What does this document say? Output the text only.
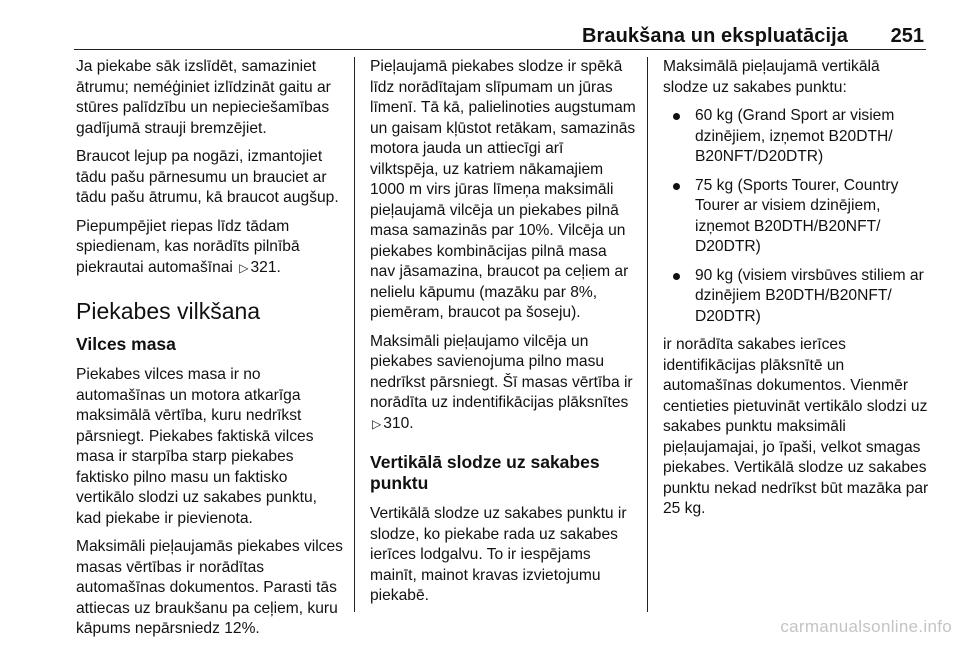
Braukšana un ekspluatācija 251

Ja piekabe sāk izslīdēt, samaziniet ātrumu; neméģiniet izlīdzināt gaitu ar stūres palīdzību un nepieciešamības gadījumā strauji bremzējiet.

Braucot lejup pa nogāzi, izmantojiet tādu pašu pārnesumu un brauciet ar tādu pašu ātrumu, kā braucot augšup.

Piepumpējiet riepas līdz tādam spiedienam, kas norādīts pilnībā piekrautai automašīnai ▷ 321.

Piekabes vilkšana
Vilces masa

Piekabes vilces masa ir no automašīnas un motora atkarīga maksimālā vērtība, kuru nedrīkst pārsniegt. Piekabes faktiskā vilces masa ir starpība starp piekabes faktisko pilno masu un faktisko vertikālo slodzi uz sakabes punktu, kad piekabe ir pievienota.

Maksimāli pieļaujamās piekabes vilces masas vērtības ir norādītas automašīnas dokumentos. Parasti tās attiecas uz braukšanu pa ceļiem, kuru kāpums nepārsniedz 12%.

Pieļaujamā piekabes slodze ir spēkā līdz norādītajam slīpumam un jūras līmenī. Tā kā, palielinoties augstumam un gaisam kļūstot retākam, samazinās motora jauda un attiecīgi arī vilktspēja, uz katriem nākamajiem 1000 m virs jūras līmeņa maksimāli pieļaujamā vilcēja un piekabes pilnā masa samazinās par 10%. Vilcēja un piekabes kombinācijas pilnā masa nav jāsamazina, braucot pa ceļiem ar nelielu kāpumu (mazāku par 8%, piemēram, braucot pa šoseju).

Maksimāli pieļaujamo vilcēja un piekabes savienojuma pilno masu nedrīkst pārsniegt. Šī masas vērtība ir norādīta uz indentifikācijas plāksnītes ▷ 310.

Vertikālā slodze uz sakabes punktu

Vertikālā slodze uz sakabes punktu ir slodze, ko piekabe rada uz sakabes ierīces lodgalvu. To ir iespējams mainīt, mainot kravas izvietojumu piekabē.

Maksimālā pieļaujamā vertikālā slodze uz sakabes punktu:

60 kg (Grand Sport ar visiem dzinējiem, izņemot B20DTH/ B20NFT/D20DTR)
75 kg (Sports Tourer, Country Tourer ar visiem dzinējiem, izņemot B20DTH/B20NFT/ D20DTR)
90 kg (visiem virsbūves stiliem ar dzinējiem B20DTH/B20NFT/ D20DTR)

ir norādīta sakabes ierīces identifikācijas plāksnītē un automašīnas dokumentos. Vienmēr centieties pietuvināt vertikālo slodzi uz sakabes punktu maksimāli pieļaujamajai, jo īpaši, velkot smagas piekabes. Vertikālā slodze uz sakabes punktu nekad nedrīkst būt mazāka par 25 kg.

carmanualsonline.info
